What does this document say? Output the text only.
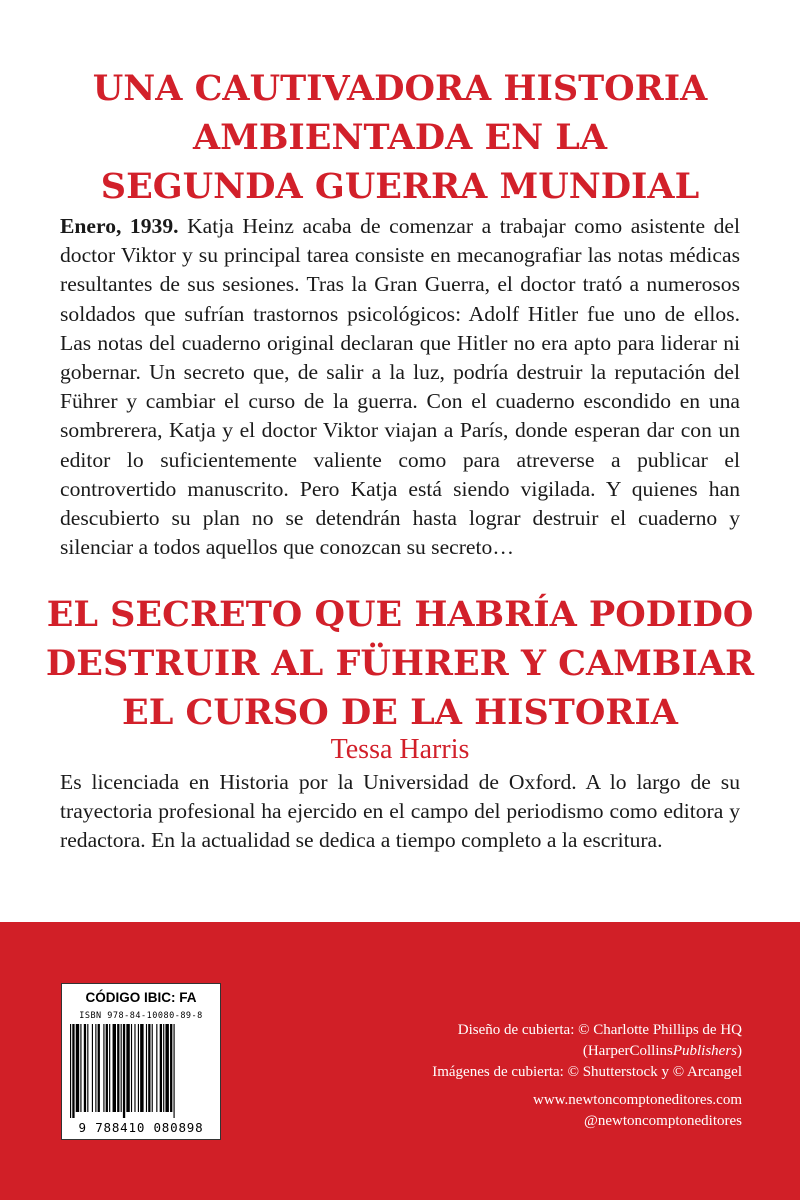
UNA CAUTIVADORA HISTORIA
AMBIENTADA EN LA
SEGUNDA GUERRA MUNDIAL

Enero, 1939. Katja Heinz acaba de comenzar a trabajar como asistente del doctor Viktor y su principal tarea consiste en mecanografiar las notas médicas resultantes de sus sesiones. Tras la Gran Guerra, el doctor trató a numerosos soldados que sufrían trastornos psicológicos: Adolf Hitler fue uno de ellos. Las notas del cuaderno original declaran que Hitler no era apto para liderar ni gobernar. Un secreto que, de salir a la luz, podría destruir la reputación del Führer y cambiar el curso de la guerra. Con el cuaderno escondido en una sombrerera, Katja y el doctor Viktor viajan a París, donde esperan dar con un editor lo suficientemente valiente como para atreverse a publicar el controvertido manuscrito. Pero Katja está siendo vigilada. Y quienes han descubierto su plan no se detendrán hasta lograr destruir el cuaderno y silenciar a todos aquellos que conozcan su secreto…

EL SECRETO QUE HABRÍA PODIDO
DESTRUIR AL FÜHRER Y CAMBIAR
EL CURSO DE LA HISTORIA
Tessa Harris

Es licenciada en Historia por la Universidad de Oxford. A lo largo de su trayectoria profesional ha ejercido en el campo del periodismo como editora y redactora. En la actualidad se dedica a tiempo completo a la escritura.

CÓDIGO IBIC: FA
ISBN 978-84-10080-89-8
9 788410 080898
Diseño de cubierta: © Charlotte Phillips de HQ
(HarperCollinsPublishers)
Imágenes de cubierta: © Shutterstock y © Arcangel
www.newtoncomptoneditores.com
@newtoncomptoneditores
